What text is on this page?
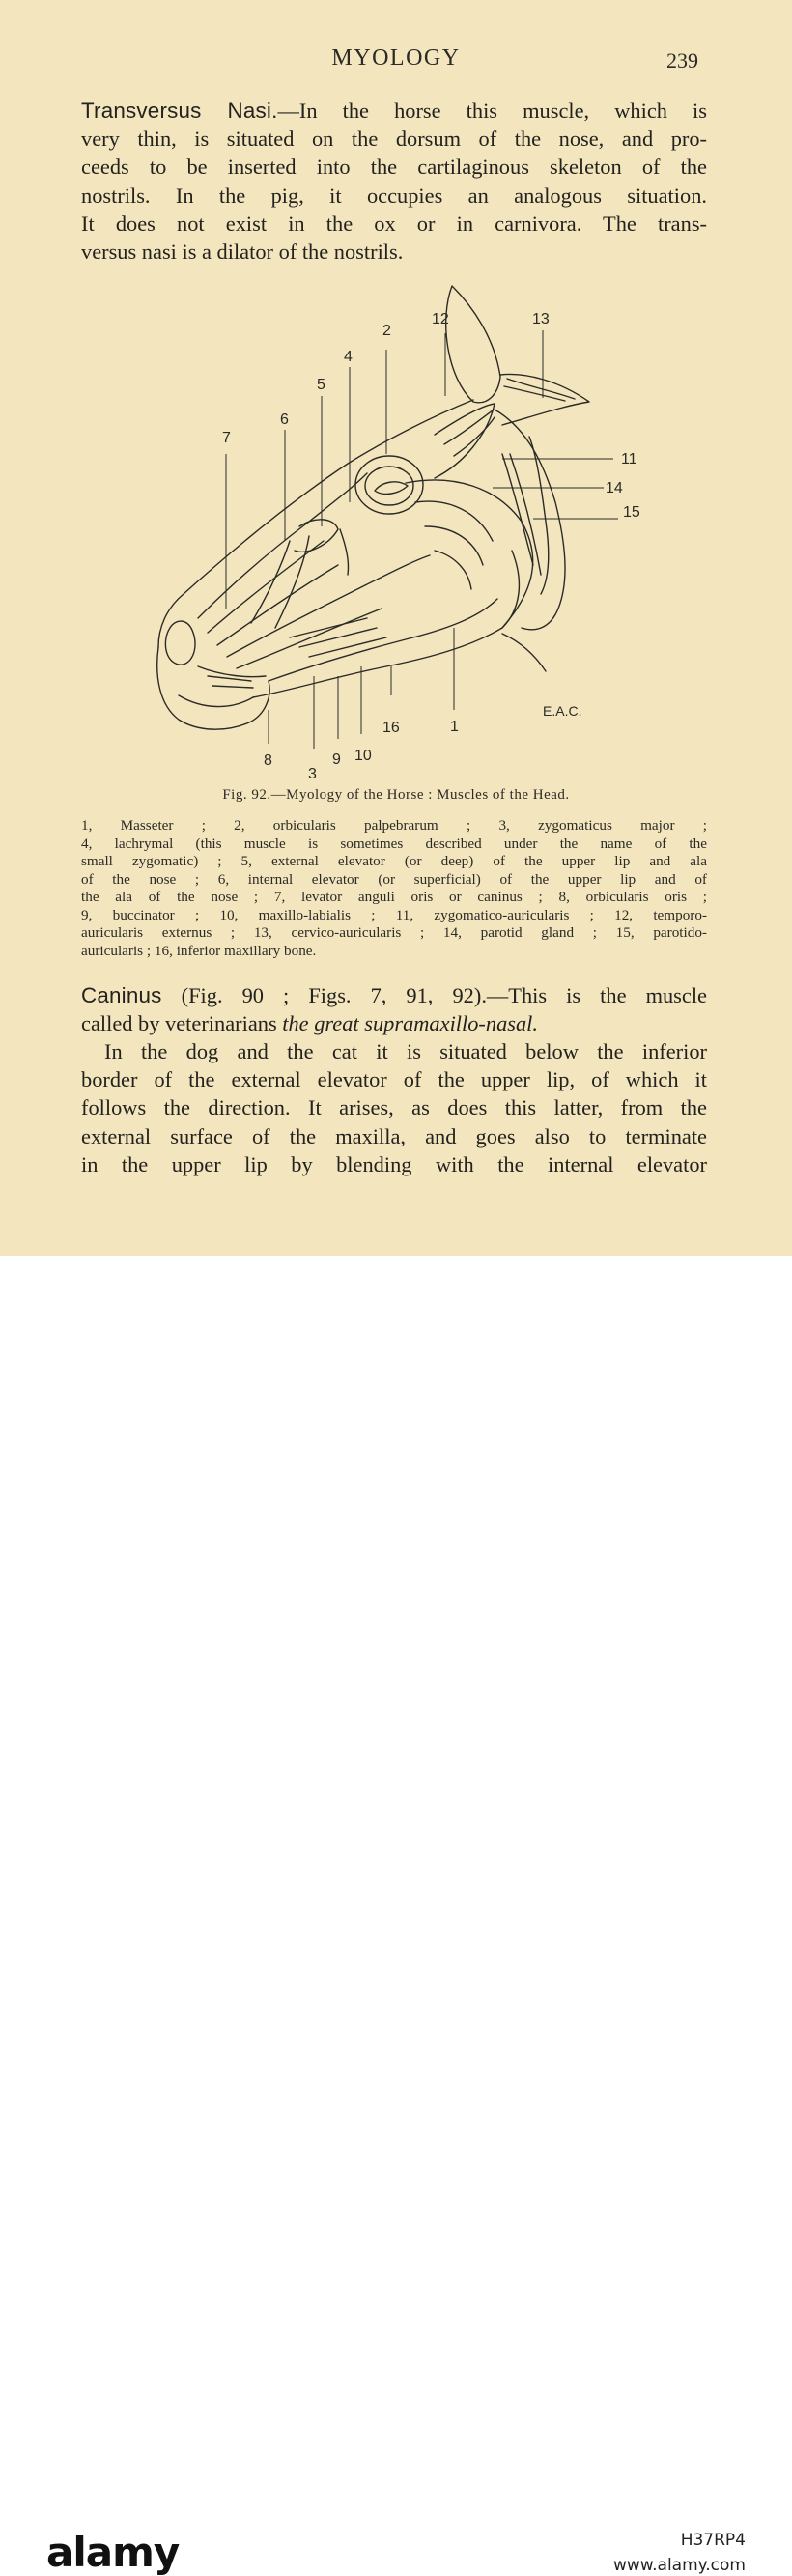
MYOLOGY	239
Transversus Nasi.—In the horse this muscle, which is
very thin, is situated on the dorsum of the nose, and pro-
ceeds to be inserted into the cartilaginous skeleton of the
nostrils. In the pig, it occupies an analogous situation.
It does not exist in the ox or in carnivora. The trans-
versus nasi is a dilator of the nostrils.
1
2
3
4
5
6
7
8	9 10
11
12	13
14
15
16
E.A.C.
Fig. 92.—Myology of the Horse : Muscles of the Head.
1, Masseter ; 2, orbicularis palpebrarum ; 3, zygomaticus major ;
4, lachrymal (this muscle is sometimes described under the name of the
small zygomatic) ; 5, external elevator (or deep) of the upper lip and ala
of the nose ; 6, internal elevator (or superficial) of the upper lip and of
the ala of the nose ; 7, levator anguli oris or caninus ; 8, orbicularis oris ;
9, buccinator ; 10, maxillo-labialis ; 11, zygomatico-auricularis ; 12, temporo-
auricularis externus ; 13, cervico-auricularis ; 14, parotid gland ; 15, parotido-
auricularis ; 16, inferior maxillary bone.
Caninus (Fig. 90 ; Figs. 7, 91, 92).—This is the muscle
called by veterinarians the great supramaxillo-nasal.
In the dog and the cat it is situated below the inferior
border of the external elevator of the upper lip, of which it
follows the direction. It arises, as does this latter, from the
external surface of the maxilla, and goes also to terminate
in the upper lip by blending with the internal elevator
alamy	H37RP4
www.alamy.com
